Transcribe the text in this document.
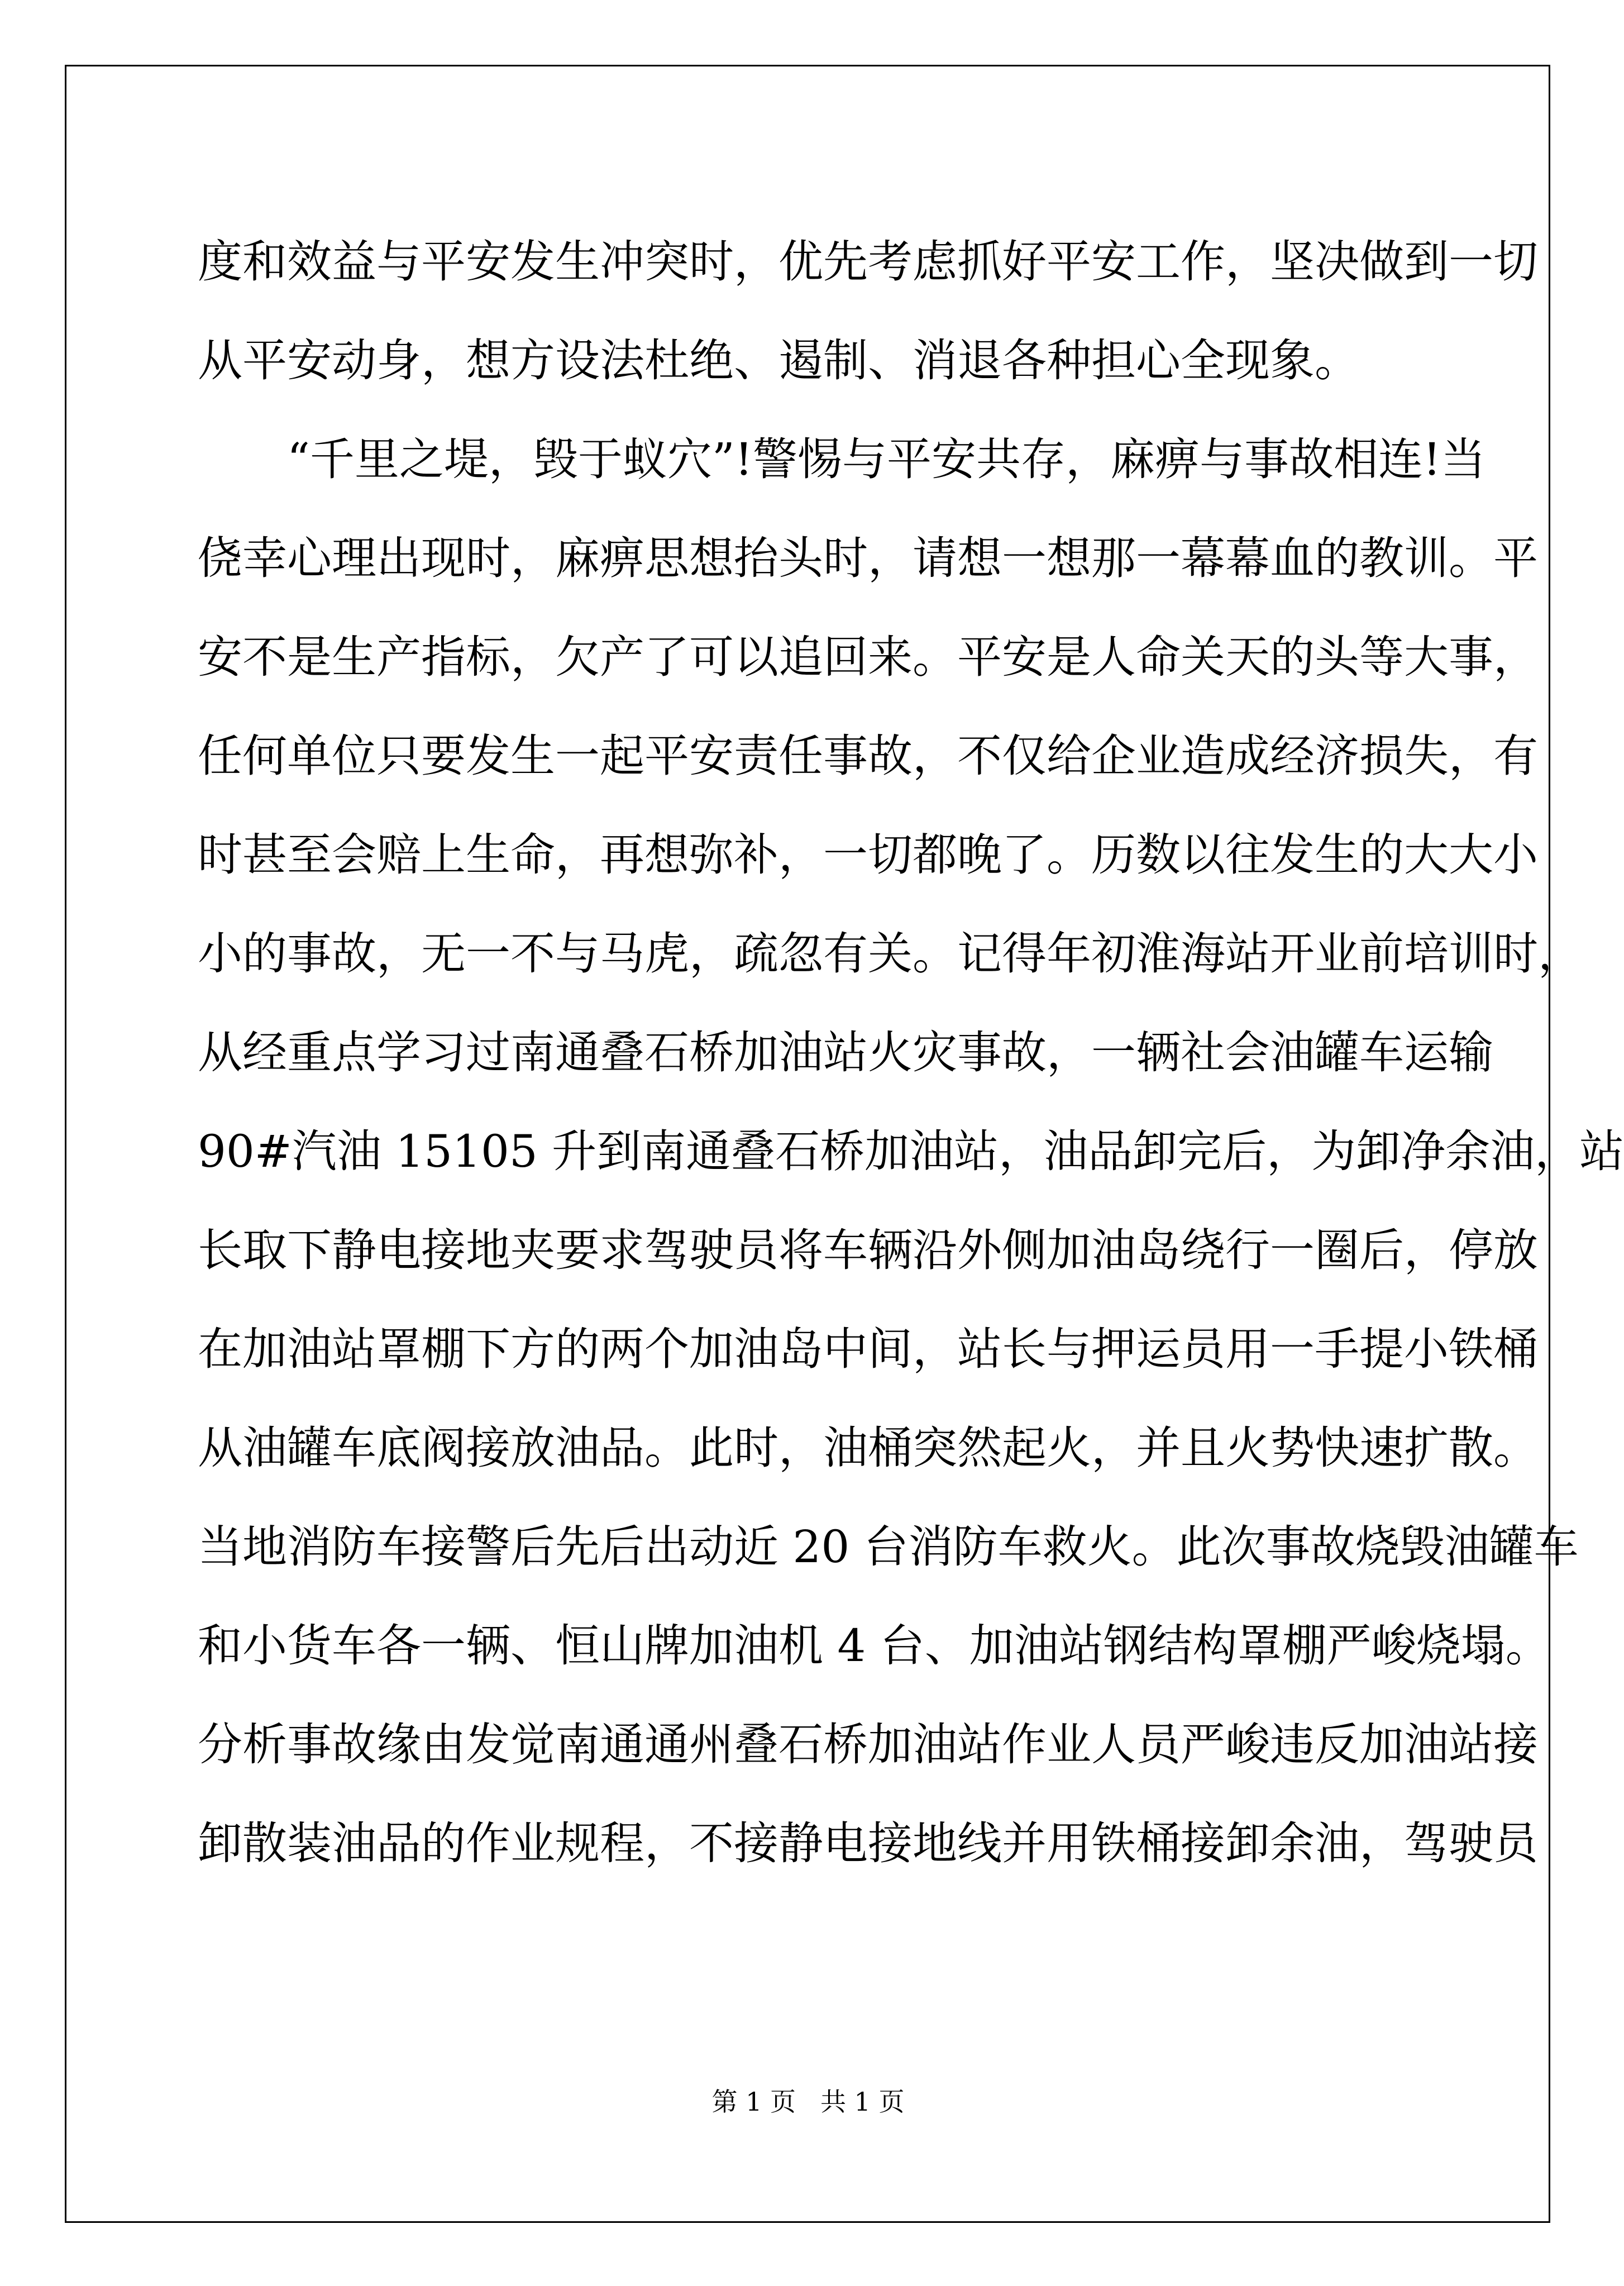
度和效益与平安发生冲突时，优先考虑抓好平安工作，坚决做到一切
从平安动身，想方设法杜绝、遏制、消退各种担心全现象。
“千里之堤，毁于蚁穴”!警惕与平安共存，麻痹与事故相连!当
侥幸心理出现时，麻痹思想抬头时，请想一想那一幕幕血的教训。平
安不是生产指标，欠产了可以追回来。平安是人命关天的头等大事，
任何单位只要发生一起平安责任事故，不仅给企业造成经济损失，有
时甚至会赔上生命，再想弥补，一切都晚了。历数以往发生的大大小
小的事故，无一不与马虎，疏忽有关。记得年初淮海站开业前培训时，
从经重点学习过南通叠石桥加油站火灾事故，一辆社会油罐车运输
90#汽油 15105 升到南通叠石桥加油站，油品卸完后，为卸净余油，站
长取下静电接地夹要求驾驶员将车辆沿外侧加油岛绕行一圈后，停放
在加油站罩棚下方的两个加油岛中间，站长与押运员用一手提小铁桶
从油罐车底阀接放油品。此时，油桶突然起火，并且火势快速扩散。
当地消防车接警后先后出动近 20 台消防车救火。此次事故烧毁油罐车
和小货车各一辆、恒山牌加油机 4 台、加油站钢结构罩棚严峻烧塌。
分析事故缘由发觉南通通州叠石桥加油站作业人员严峻违反加油站接
卸散装油品的作业规程，不接静电接地线并用铁桶接卸余油，驾驶员
第 1 页 共 1 页
